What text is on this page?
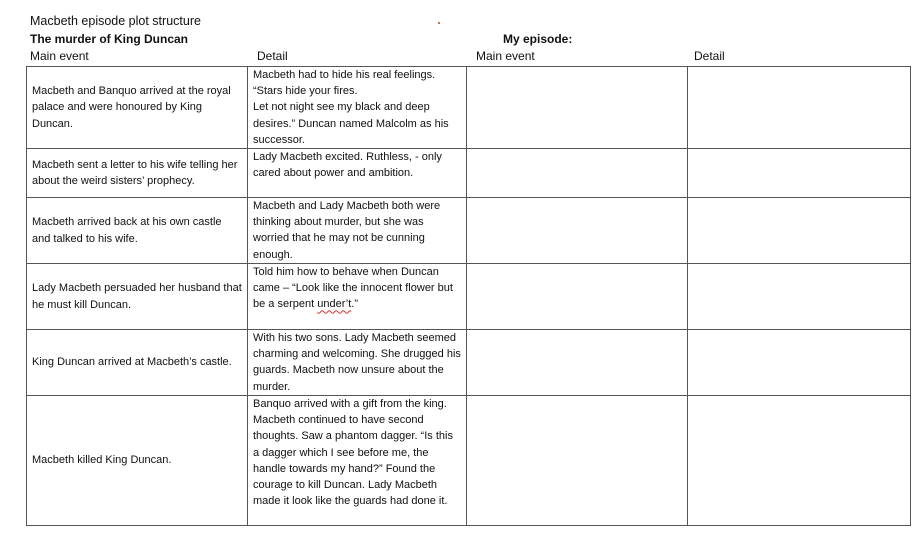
Macbeth episode plot structure
The murder of King Duncan	My episode:
Main event	Detail	Main event	Detail
Macbeth and Banquo arrived at the royal palace and were honoured by King Duncan.	Macbeth had to hide his real feelings. “Stars hide your fires.
Let not night see my black and deep desires.” Duncan named Malcolm as his successor.		
Macbeth sent a letter to his wife telling her about the weird sisters’ prophecy.	Lady Macbeth excited. Ruthless, - only cared about power and ambition.		
Macbeth arrived back at his own castle and talked to his wife.	Macbeth and Lady Macbeth both were thinking about murder, but she was worried that he may not be cunning enough.		
Lady Macbeth persuaded her husband that he must kill Duncan.	Told him how to behave when Duncan came – “Look like the innocent flower but be a serpent under’t.”		
King Duncan arrived at Macbeth’s castle.	With his two sons. Lady Macbeth seemed charming and welcoming. She drugged his guards. Macbeth now unsure about the murder.		
Macbeth killed King Duncan.	Banquo arrived with a gift from the king. Macbeth continued to have second thoughts. Saw a phantom dagger. “Is this a dagger which I see before me, the handle towards my hand?” Found the courage to kill Duncan. Lady Macbeth made it look like the guards had done it.		
